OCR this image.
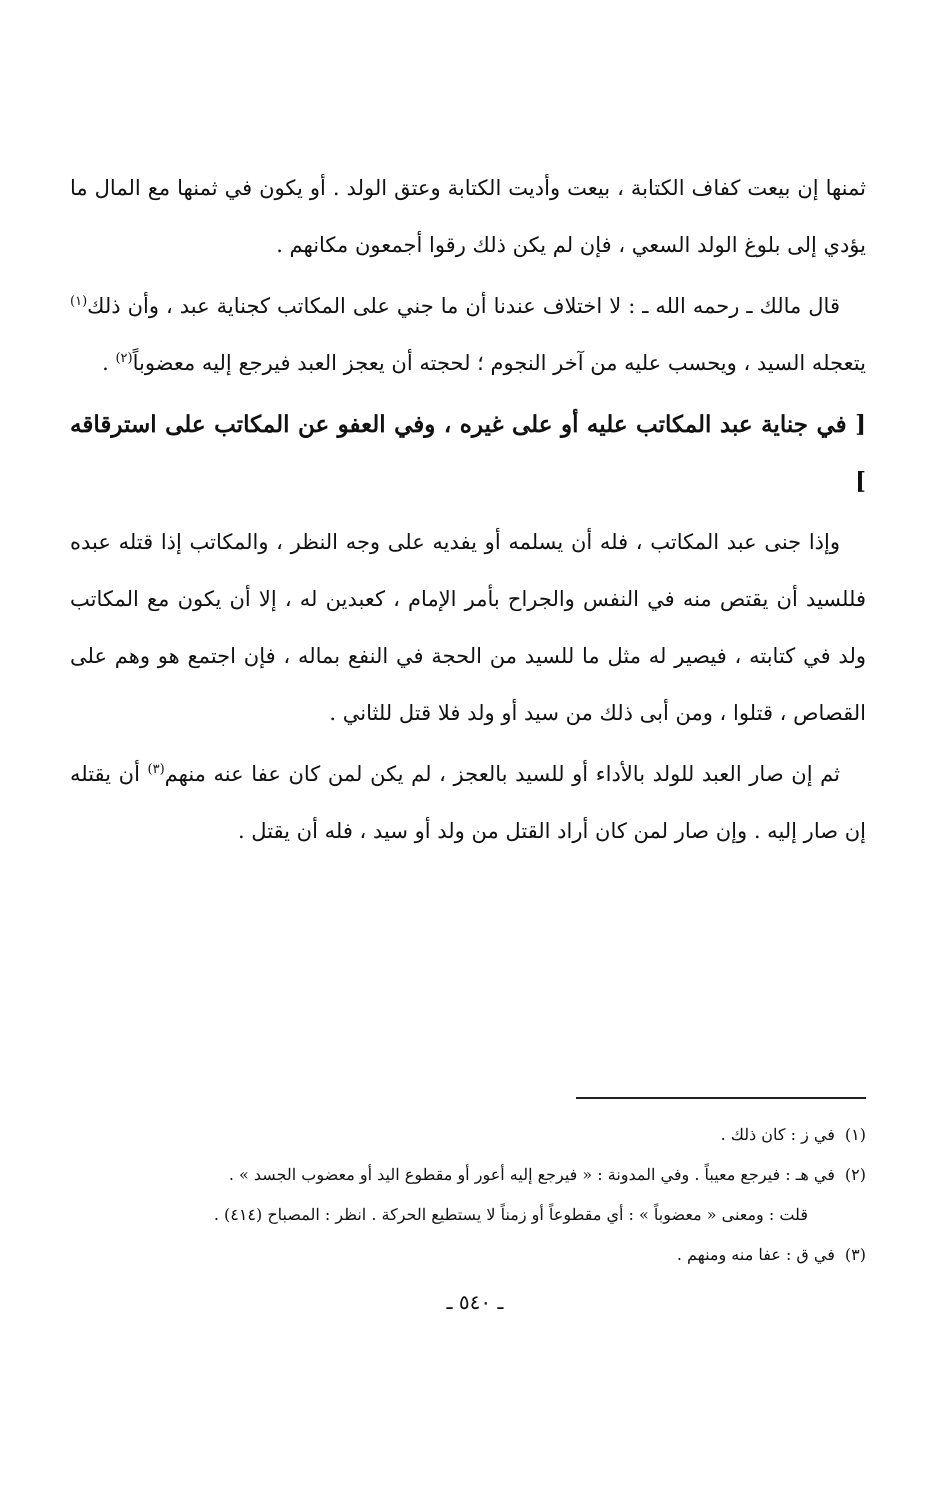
ثمنها إن بيعت كفاف الكتابة ، بيعت وأديت الكتابة وعتق الولد . أو يكون في ثمنها مع المال ما يؤدي إلى بلوغ الولد السعي ، فإن لم يكن ذلك رقوا أجمعون مكانهم .

قال مالك ـ رحمه الله ـ : لا اختلاف عندنا أن ما جني على المكاتب كجناية عبد ، وأن ذلك$^{(١)}$ يتعجله السيد ، ويحسب عليه من آخر النجوم ؛ لحجته أن يعجز العبد فيرجع إليه معضوباً$^{(٢)}$ .

[ في جناية عبد المكاتب عليه أو على غيره ، وفي العفو عن المكاتب على استرقاقه ]

وإذا جنى عبد المكاتب ، فله أن يسلمه أو يفديه على وجه النظر ، والمكاتب إذا قتله عبده فللسيد أن يقتص منه في النفس والجراح بأمر الإمام ، كعبدين له ، إلا أن يكون مع المكاتب ولد في كتابته ، فيصير له مثل ما للسيد من الحجة في النفع بماله ، فإن اجتمع هو وهم على القصاص ، قتلوا ، ومن أبى ذلك من سيد أو ولد فلا قتل للثاني .

ثم إن صار العبد للولد بالأداء أو للسيد بالعجز ، لم يكن لمن كان عفا عنه منهم$^{(٣)}$ أن يقتله إن صار إليه . وإن صار لمن كان أراد القتل من ولد أو سيد ، فله أن يقتل .

(١)في ز : كان ذلك .

(٢)في هـ : فيرجع معيباً . وفي المدونة : « فيرجع إليه أعور أو مقطوع اليد أو معضوب الجسد » .

قلت : ومعنى « معضوباً » : أي مقطوعاً أو زمناً لا يستطيع الحركة . انظر : المصباح (٤١٤) .

(٣)في ق : عفا منه ومنهم .

ـ ٥٤٠ ـ
